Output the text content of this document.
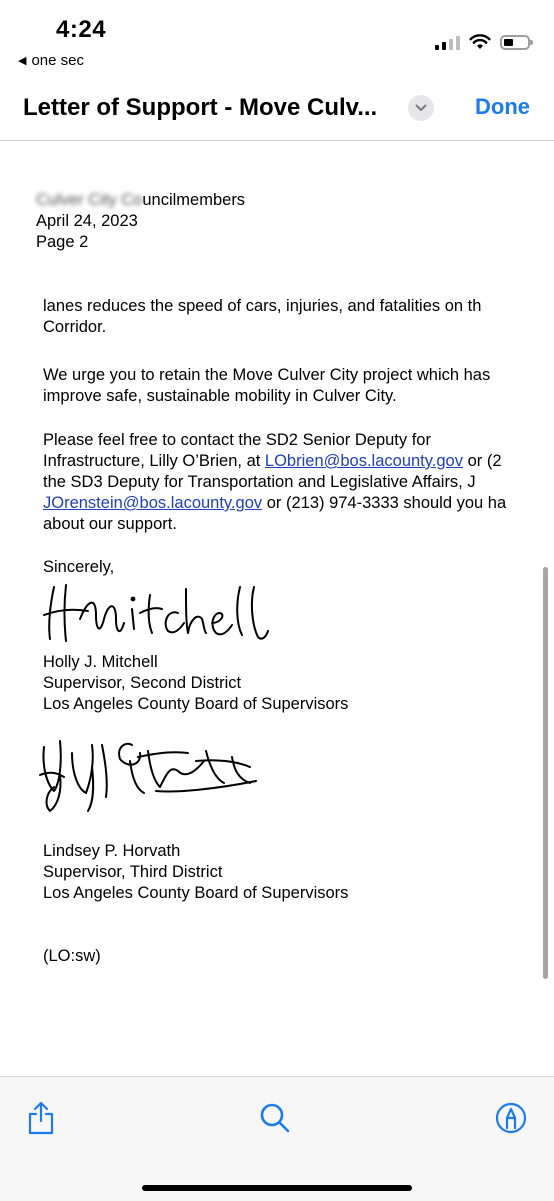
4:24
◀ one sec
Letter of Support - Move Culv...	Done

Culver City Councilmembers

April 24, 2023

Page 2

lanes reduces the speed of cars, injuries, and fatalities on th
Corridor.
We urge you to retain the Move Culver City project which has
improve safe, sustainable mobility in Culver City.
Please feel free to contact the SD2 Senior Deputy for
Infrastructure, Lilly O’Brien, at LObrien@bos.lacounty.gov or (2
the SD3 Deputy for Transportation and Legislative Affairs, J
JOrenstein@bos.lacounty.gov or (213) 974-3333 should you ha
about our support.
Sincerely,

Holly J. Mitchell

Supervisor, Second District

Los Angeles County Board of Supervisors

Lindsey P. Horvath

Supervisor, Third District

Los Angeles County Board of Supervisors

(LO:sw)
